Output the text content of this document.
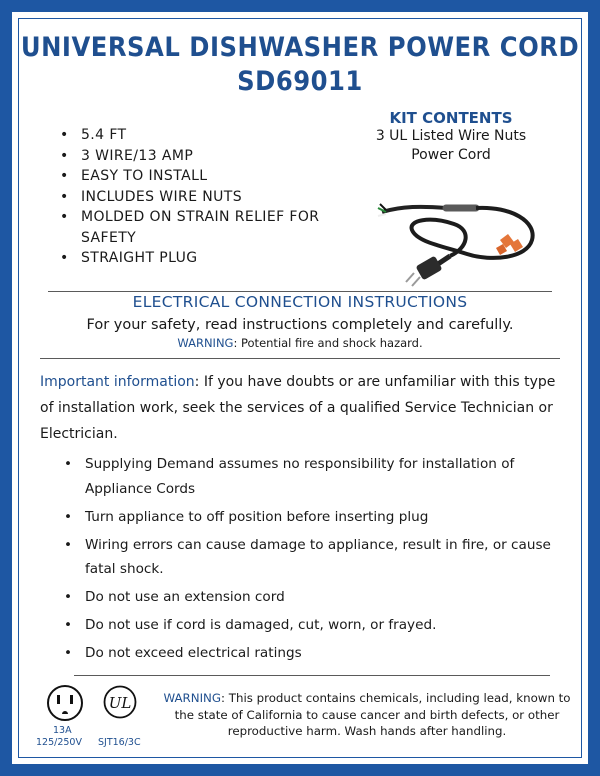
UNIVERSAL DISHWASHER POWER CORD
SD69011
• 5.4 FT
• 3 WIRE/13 AMP
• EASY TO INSTALL
• INCLUDES WIRE NUTS
• MOLDED ON STRAIN RELIEF FOR SAFETY
• STRAIGHT PLUG
KIT CONTENTS
3 UL Listed Wire Nuts
Power Cord
ELECTRICAL CONNECTION INSTRUCTIONS
For your safety, read instructions completely and carefully.
WARNING: Potential fire and shock hazard.
Important information: If you have doubts or are unfamiliar with this type of installation work, seek the services of a qualified Service Technician or Electrician.
• Supplying Demand assumes no responsibility for installation of Appliance Cords
• Turn appliance to off position before inserting plug
• Wiring errors can cause damage to appliance, result in fire, or cause fatal shock.
• Do not use an extension cord
• Do not use if cord is damaged, cut, worn, or frayed.
• Do not exceed electrical ratings
UL
13A
125/250V SJT16/3C
WARNING: This product contains chemicals, including lead, known to the state of California to cause cancer and birth defects, or other reproductive harm. Wash hands after handling.
